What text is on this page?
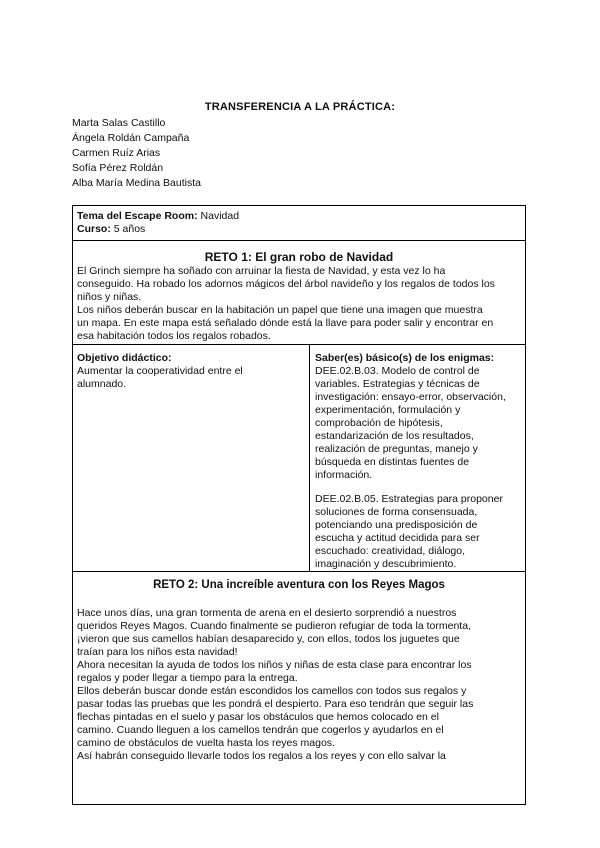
TRANSFERENCIA A LA PRÁCTICA:
Marta Salas Castillo
Ángela Roldán Campaña
Carmen Ruíz Arias
Sofía Pérez Roldán
Alba María Medina Bautista
Tema del Escape Room: Navidad
Curso: 5 años
RETO 1: El gran robo de Navidad
El Grinch siempre ha soñado con arruinar la fiesta de Navidad, y esta vez lo ha
conseguido. Ha robado los adornos mágicos del árbol navideño y los regalos de todos los
niños y niñas.
Los niños deberán buscar en la habitación un papel que tiene una imagen que muestra
un mapa. En este mapa está señalado dónde está la llave para poder salir y encontrar en
esa habitación todos los regalos robados.
Objetivo didáctico:
Aumentar la cooperatividad entre el
alumnado.
Saber(es) básico(s) de los enigmas:
DEE.02.B.03. Modelo de control de
variables. Estrategias y técnicas de
investigación: ensayo-error, observación,
experimentación, formulación y
comprobación de hipótesis,
estandarización de los resultados,
realización de preguntas, manejo y
búsqueda en distintas fuentes de
información.
DEE.02.B.05. Estrategias para proponer
soluciones de forma consensuada,
potenciando una predisposición de
escucha y actitud decidida para ser
escuchado: creatividad, diálogo,
imaginación y descubrimiento.
RETO 2: Una increíble aventura con los Reyes Magos
Hace unos días, una gran tormenta de arena en el desierto sorprendió a nuestros
queridos Reyes Magos. Cuando finalmente se pudieron refugiar de toda la tormenta,
¡vieron que sus camellos habían desaparecido y, con ellos, todos los juguetes que
traían para los niños esta navidad!
Ahora necesitan la ayuda de todos los niños y niñas de esta clase para encontrar los
regalos y poder llegar a tiempo para la entrega.
Ellos deberán buscar donde están escondidos los camellos con todos sus regalos y
pasar todas las pruebas que les pondrá el despierto. Para eso tendrán que seguir las
flechas pintadas en el suelo y pasar los obstáculos que hemos colocado en el
camino. Cuando lleguen a los camellos tendrán que cogerlos y ayudarlos en el
camino de obstáculos de vuelta hasta los reyes magos.
Así habrán conseguido llevarle todos los regalos a los reyes y con ello salvar la
